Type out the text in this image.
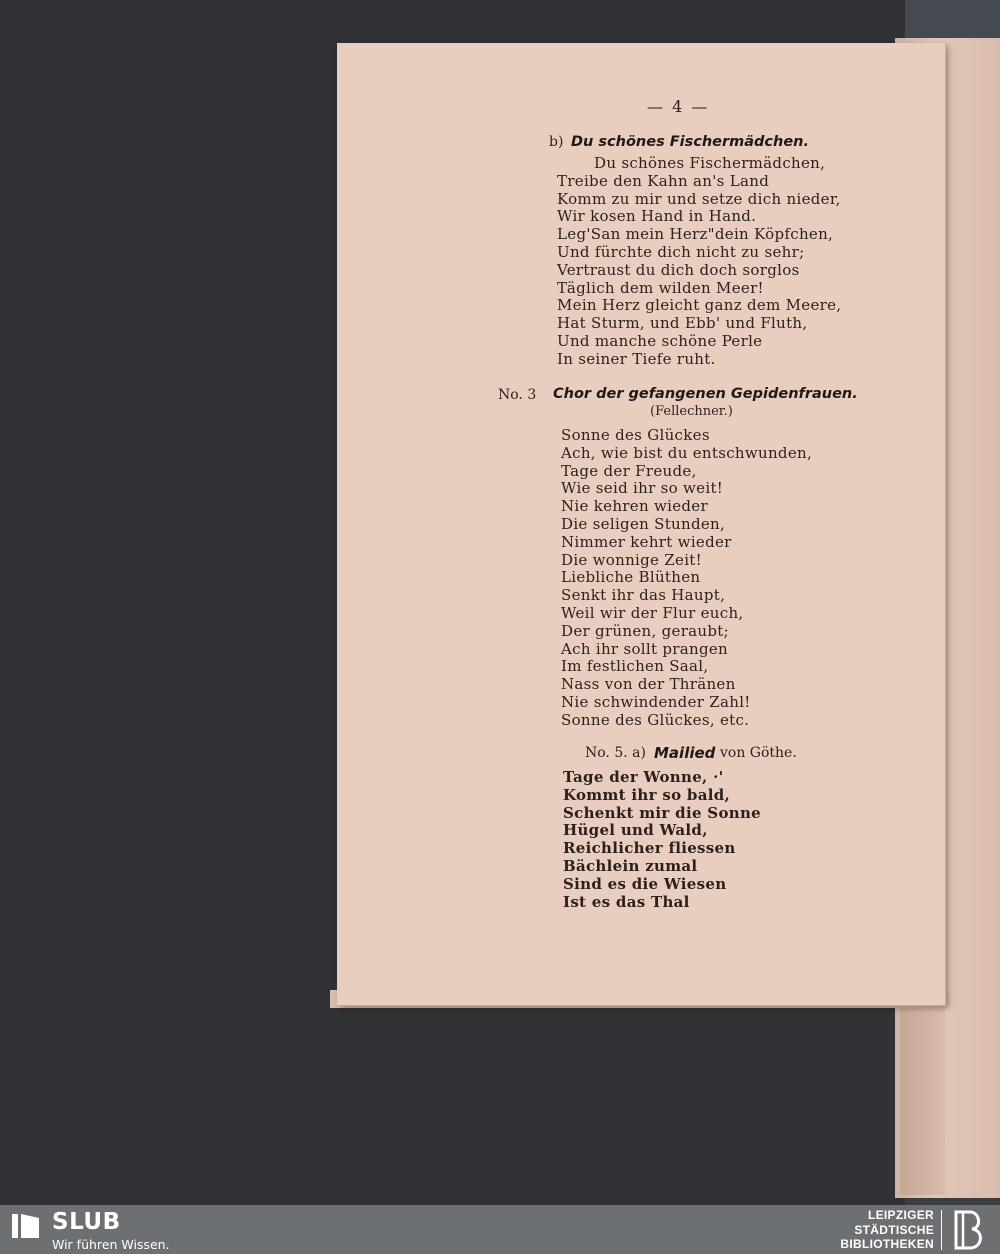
— 4 —
b) Du schönes Fischermädchen.
Du schönes Fischermädchen,
Treibe den Kahn an's Land
Komm zu mir und setze dich nieder,
Wir kosen Hand in Hand.
Leg'San mein Herz"dein Köpfchen,
Und fürchte dich nicht zu sehr;
Vertraust du dich doch sorglos
Täglich dem wilden Meer!
Mein Herz gleicht ganz dem Meere,
Hat Sturm, und Ebb' und Fluth,
Und manche schöne Perle
In seiner Tiefe ruht.
No. 3 Chor der gefangenen Gepidenfrauen.
(Fellechner.)
Sonne des Glückes
Ach, wie bist du entschwunden,
Tage der Freude,
Wie seid ihr so weit!
Nie kehren wieder
Die seligen Stunden,
Nimmer kehrt wieder
Die wonnige Zeit!
Liebliche Blüthen
Senkt ihr das Haupt,
Weil wir der Flur euch,
Der grünen, geraubt;
Ach ihr sollt prangen
Im festlichen Saal,
Nass von der Thränen
Nie schwindender Zahl!
Sonne des Glückes, etc.
No. 5. a) Mailied von Göthe.
Tage der Wonne, ·'
Kommt ihr so bald,
Schenkt mir die Sonne
Hügel und Wald,
Reichlicher fliessen
Bächlein zumal
Sind es die Wiesen
Ist es das Thal
SLUB
Wir führen Wissen.
LEIPZIGER
STÄDTISCHE
BIBLIOTHEKEN
